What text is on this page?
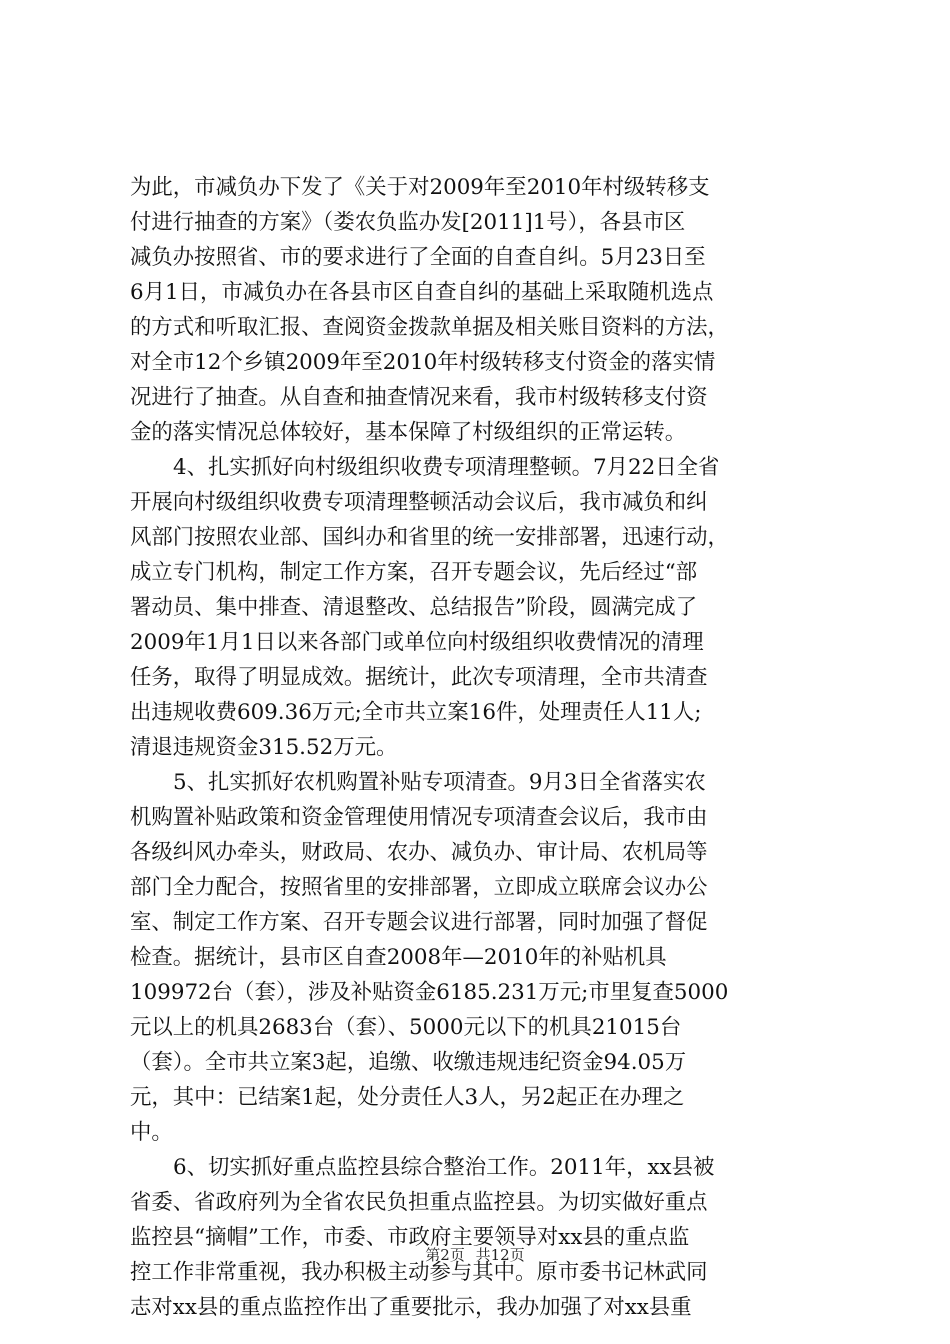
为此，市减负办下发了《关于对2009年至2010年村级转移支
付进行抽查的方案》（娄农负监办发[2011]1号），各县市区
减负办按照省、市的要求进行了全面的自查自纠。5月23日至
6月1日，市减负办在各县市区自查自纠的基础上采取随机选点
的方式和听取汇报、查阅资金拨款单据及相关账目资料的方法，
对全市12个乡镇2009年至2010年村级转移支付资金的落实情
况进行了抽查。从自查和抽查情况来看，我市村级转移支付资
金的落实情况总体较好，基本保障了村级组织的正常运转。
4、扎实抓好向村级组织收费专项清理整顿。7月22日全省
开展向村级组织收费专项清理整顿活动会议后，我市减负和纠
风部门按照农业部、国纠办和省里的统一安排部署，迅速行动，
成立专门机构，制定工作方案，召开专题会议，先后经过“部
署动员、集中排查、清退整改、总结报告”阶段，圆满完成了
2009年1月1日以来各部门或单位向村级组织收费情况的清理
任务，取得了明显成效。据统计，此次专项清理，全市共清查
出违规收费609.36万元;全市共立案16件，处理责任人11人;
清退违规资金315.52万元。
5、扎实抓好农机购置补贴专项清查。9月3日全省落实农
机购置补贴政策和资金管理使用情况专项清查会议后，我市由
各级纠风办牵头，财政局、农办、减负办、审计局、农机局等
部门全力配合，按照省里的安排部署，立即成立联席会议办公
室、制定工作方案、召开专题会议进行部署，同时加强了督促
检查。据统计，县市区自查2008年—2010年的补贴机具
109972台（套），涉及补贴资金6185.231万元;市里复查5000
元以上的机具2683台（套）、5000元以下的机具21015台
（套）。全市共立案3起，追缴、收缴违规违纪资金94.05万
元，其中：已结案1起，处分责任人3人，另2起正在办理之
中。
6、切实抓好重点监控县综合整治工作。2011年，xx县被
省委、省政府列为全省农民负担重点监控县。为切实做好重点
监控县“摘帽”工作，市委、市政府主要领导对xx县的重点监
控工作非常重视，我办积极主动参与其中。原市委书记林武同
志对xx县的重点监控作出了重要批示，我办加强了对xx县重
第2页 共12页
